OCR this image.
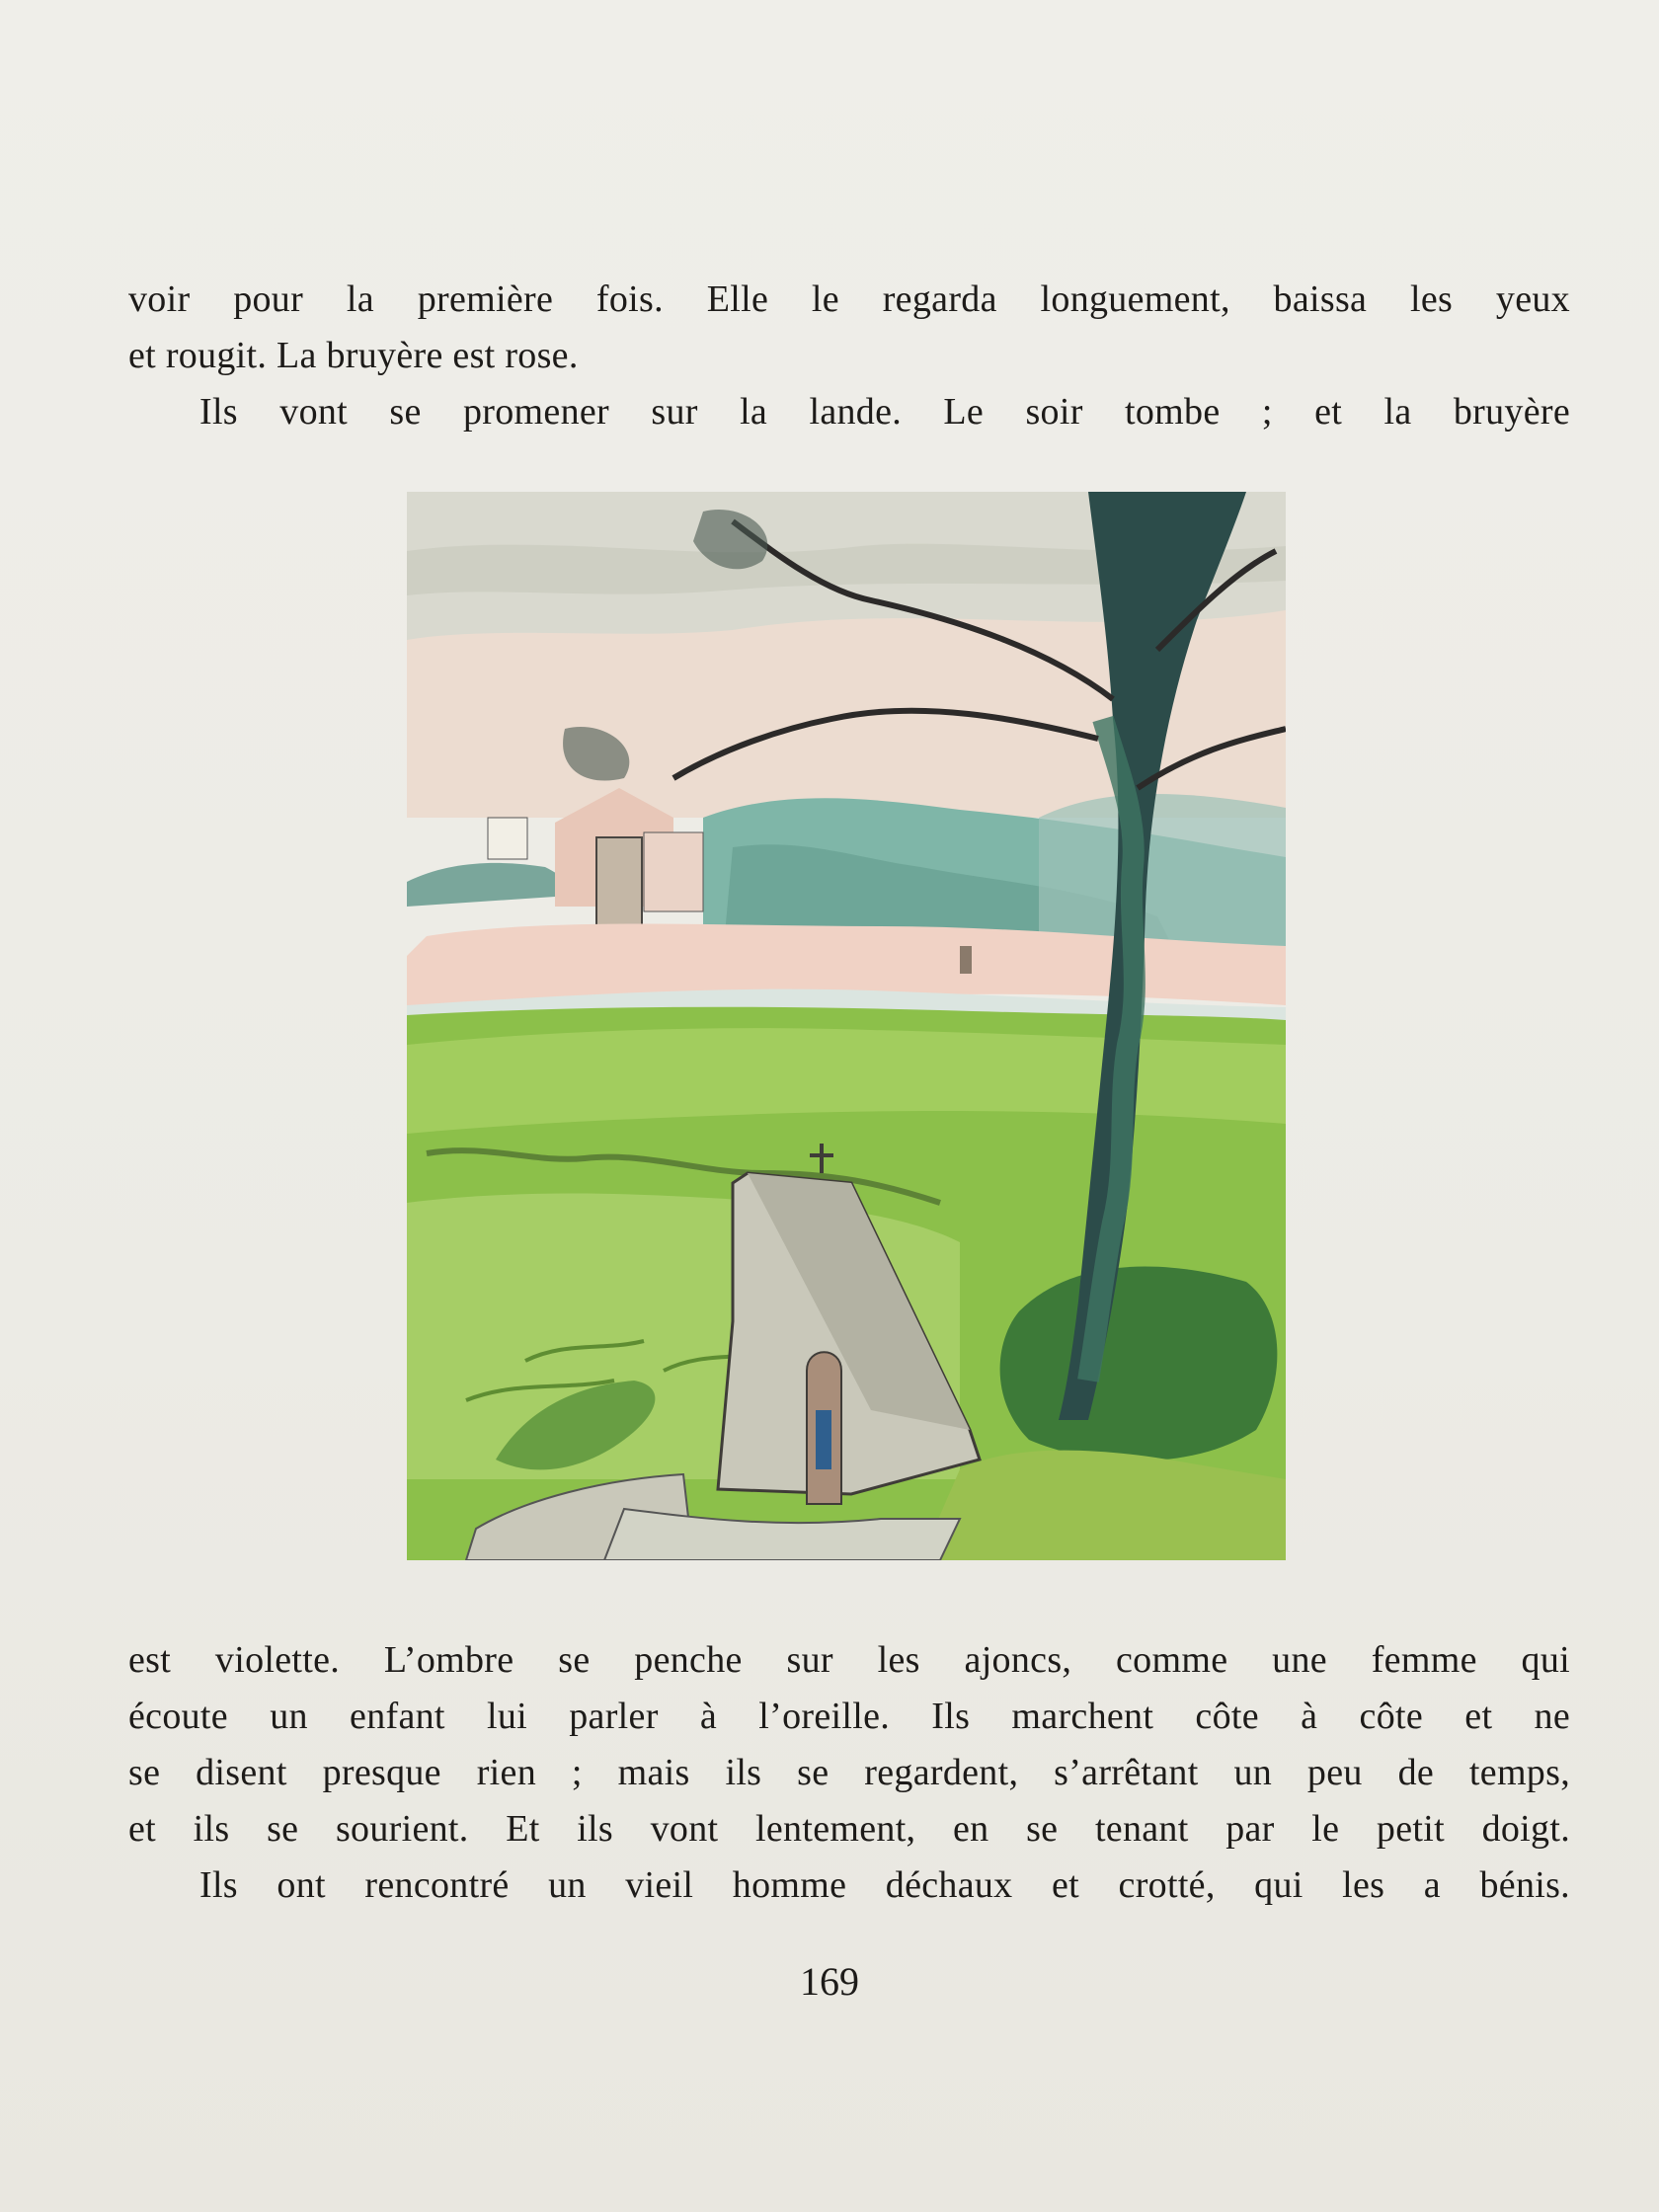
voir pour la première fois. Elle le regarda longuement, baissa les yeux
et rougit. La bruyère est rose.
Ils vont se promener sur la lande. Le soir tombe ; et la bruyère
est violette. L’ombre se penche sur les ajoncs, comme une femme qui
écoute un enfant lui parler à l’oreille. Ils marchent côte à côte et ne
se disent presque rien ; mais ils se regardent, s’arrêtant un peu de temps,
et ils se sourient. Et ils vont lentement, en se tenant par le petit doigt.
Ils ont rencontré un vieil homme déchaux et crotté, qui les a bénis.
169
